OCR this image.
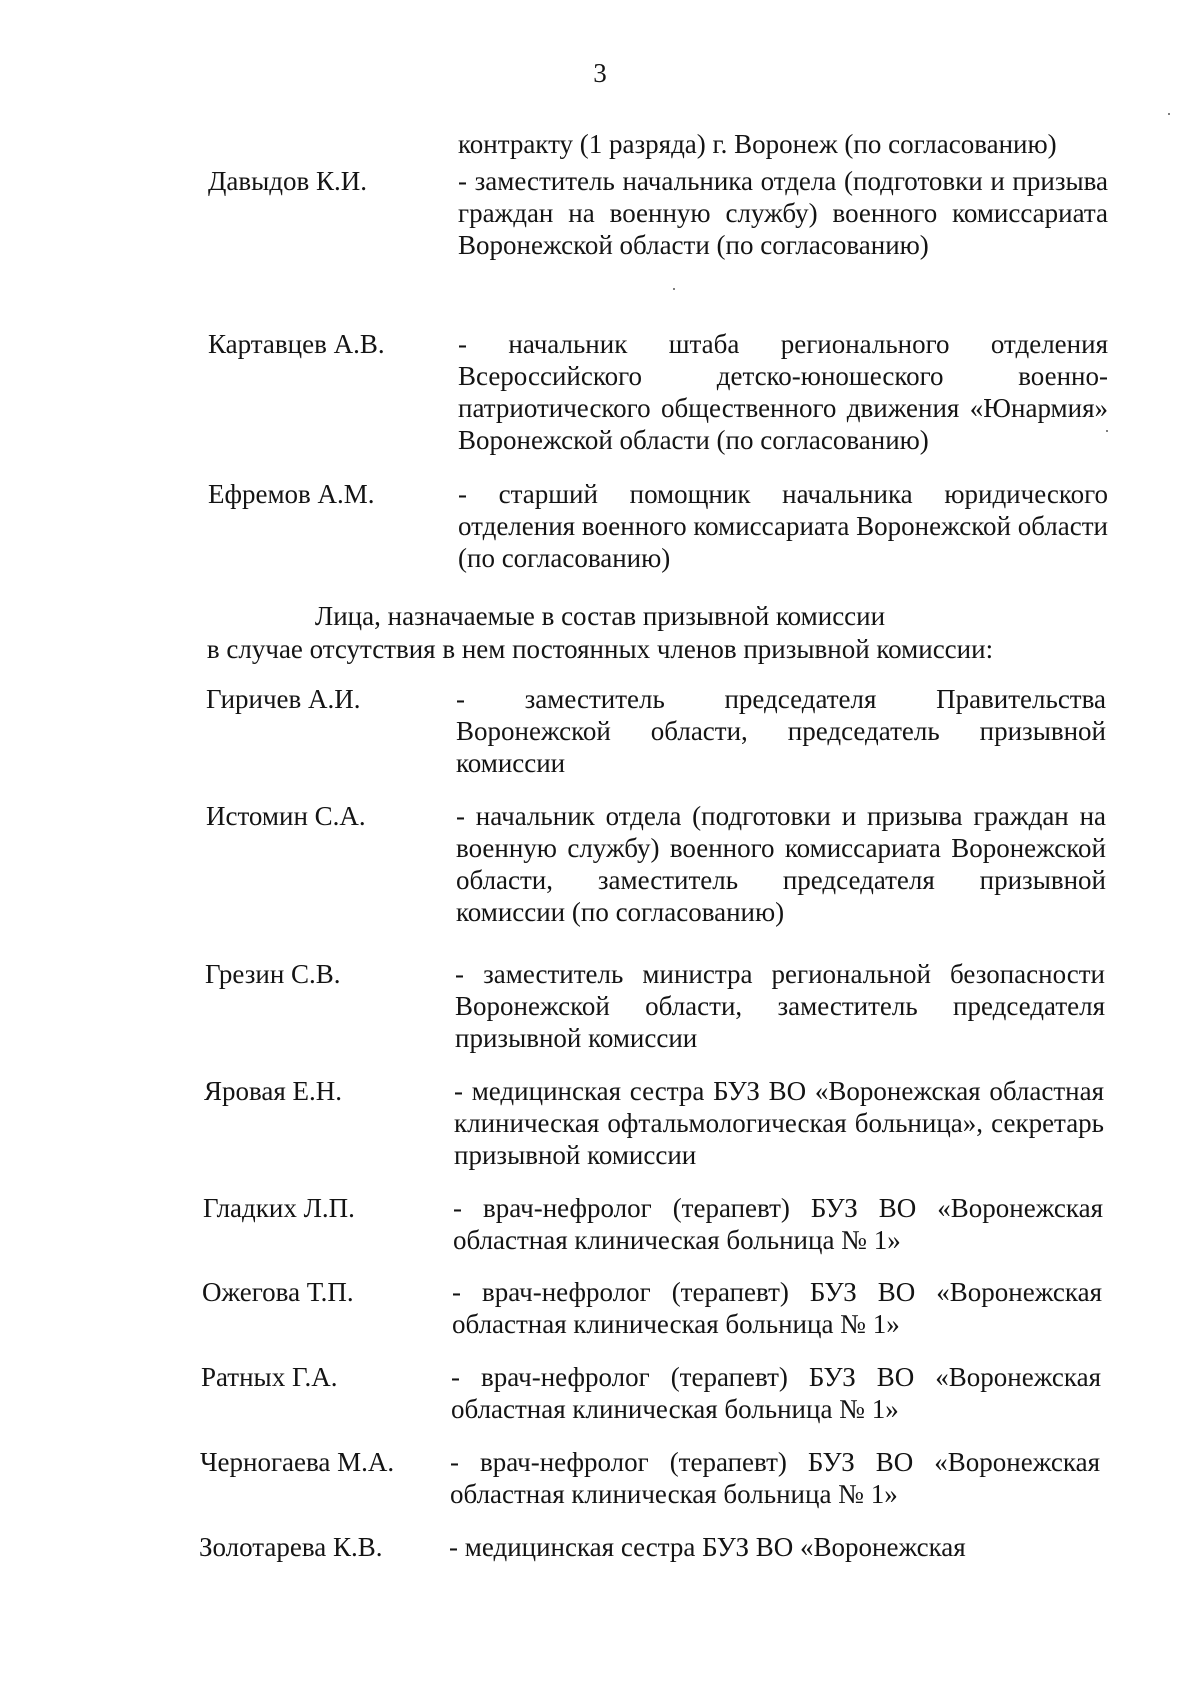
3
контракту (1 разряда) г. Воронеж (по согласованию)
Давыдов К.И.	- заместитель начальника отдела (подготовки и призыва граждан на военную службу) военного комиссариата Воронежской области (по согласованию)
Картавцев А.В.	- начальник штаба регионального отделения Всероссийского детско-юношеского военно-патриотического общественного движения «Юнармия» Воронежской области (по согласованию)
Ефремов А.М.	- старший помощник начальника юридического отделения военного комиссариата Воронежской области (по согласованию)
Лица, назначаемые в состав призывной комиссии
в случае отсутствия в нем постоянных членов призывной комиссии:
Гиричев А.И.	- заместитель председателя Правительства Воронежской области, председатель призывной комиссии
Истомин С.А.	- начальник отдела (подготовки и призыва граждан на военную службу) военного комиссариата Воронежской области, заместитель председателя призывной комиссии (по согласованию)
Грезин С.В.	- заместитель министра региональной безопасности Воронежской области, заместитель председателя призывной комиссии
Яровая Е.Н.	- медицинская сестра БУЗ ВО «Воронежская областная клиническая офтальмологическая больница», секретарь призывной комиссии
Гладких Л.П.	- врач-нефролог (терапевт) БУЗ ВО «Воронежская областная клиническая больница № 1»
Ожегова Т.П.	- врач-нефролог (терапевт) БУЗ ВО «Воронежская областная клиническая больница № 1»
Ратных Г.А.	- врач-нефролог (терапевт) БУЗ ВО «Воронежская областная клиническая больница № 1»
Черногаева М.А. - врач-нефролог (терапевт) БУЗ ВО «Воронежская областная клиническая больница № 1»
Золотарева К.В. - медицинская сестра БУЗ ВО «Воронежская
